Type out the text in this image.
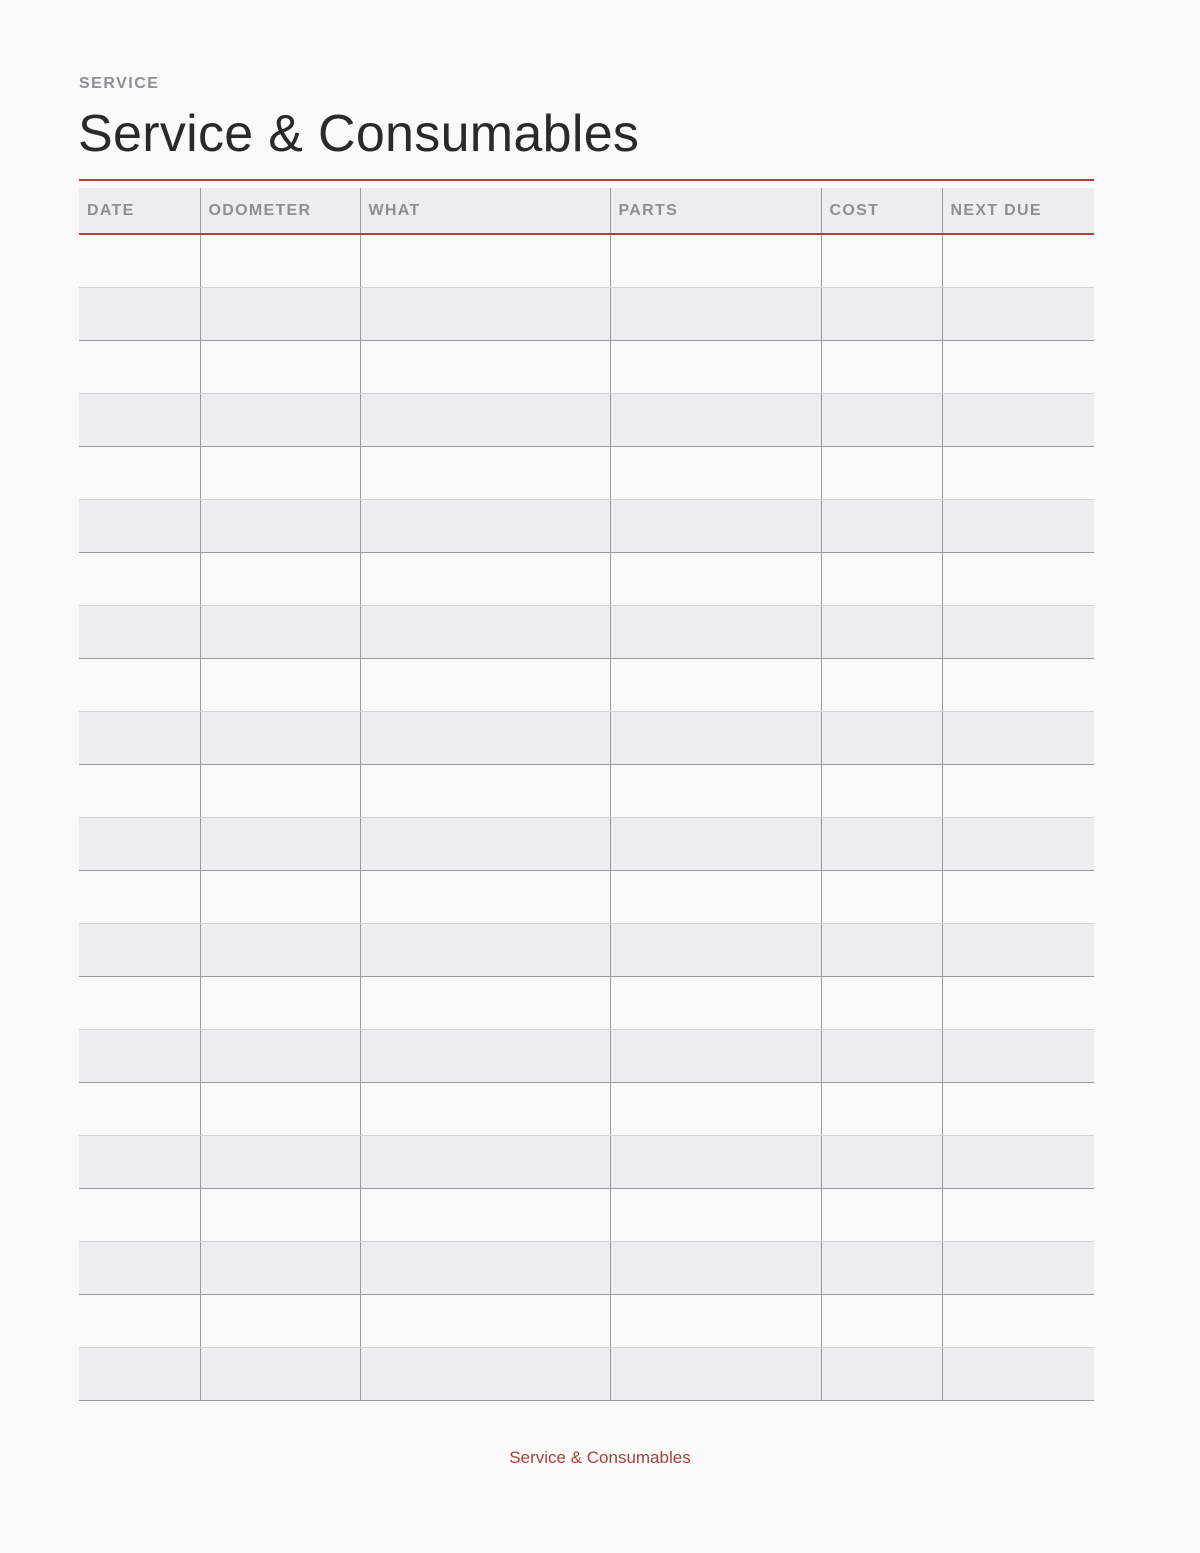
SERVICE
Service & Consumables
DATE	ODOMETER	WHAT	PARTS	COST	NEXT DUE

Service & Consumables
